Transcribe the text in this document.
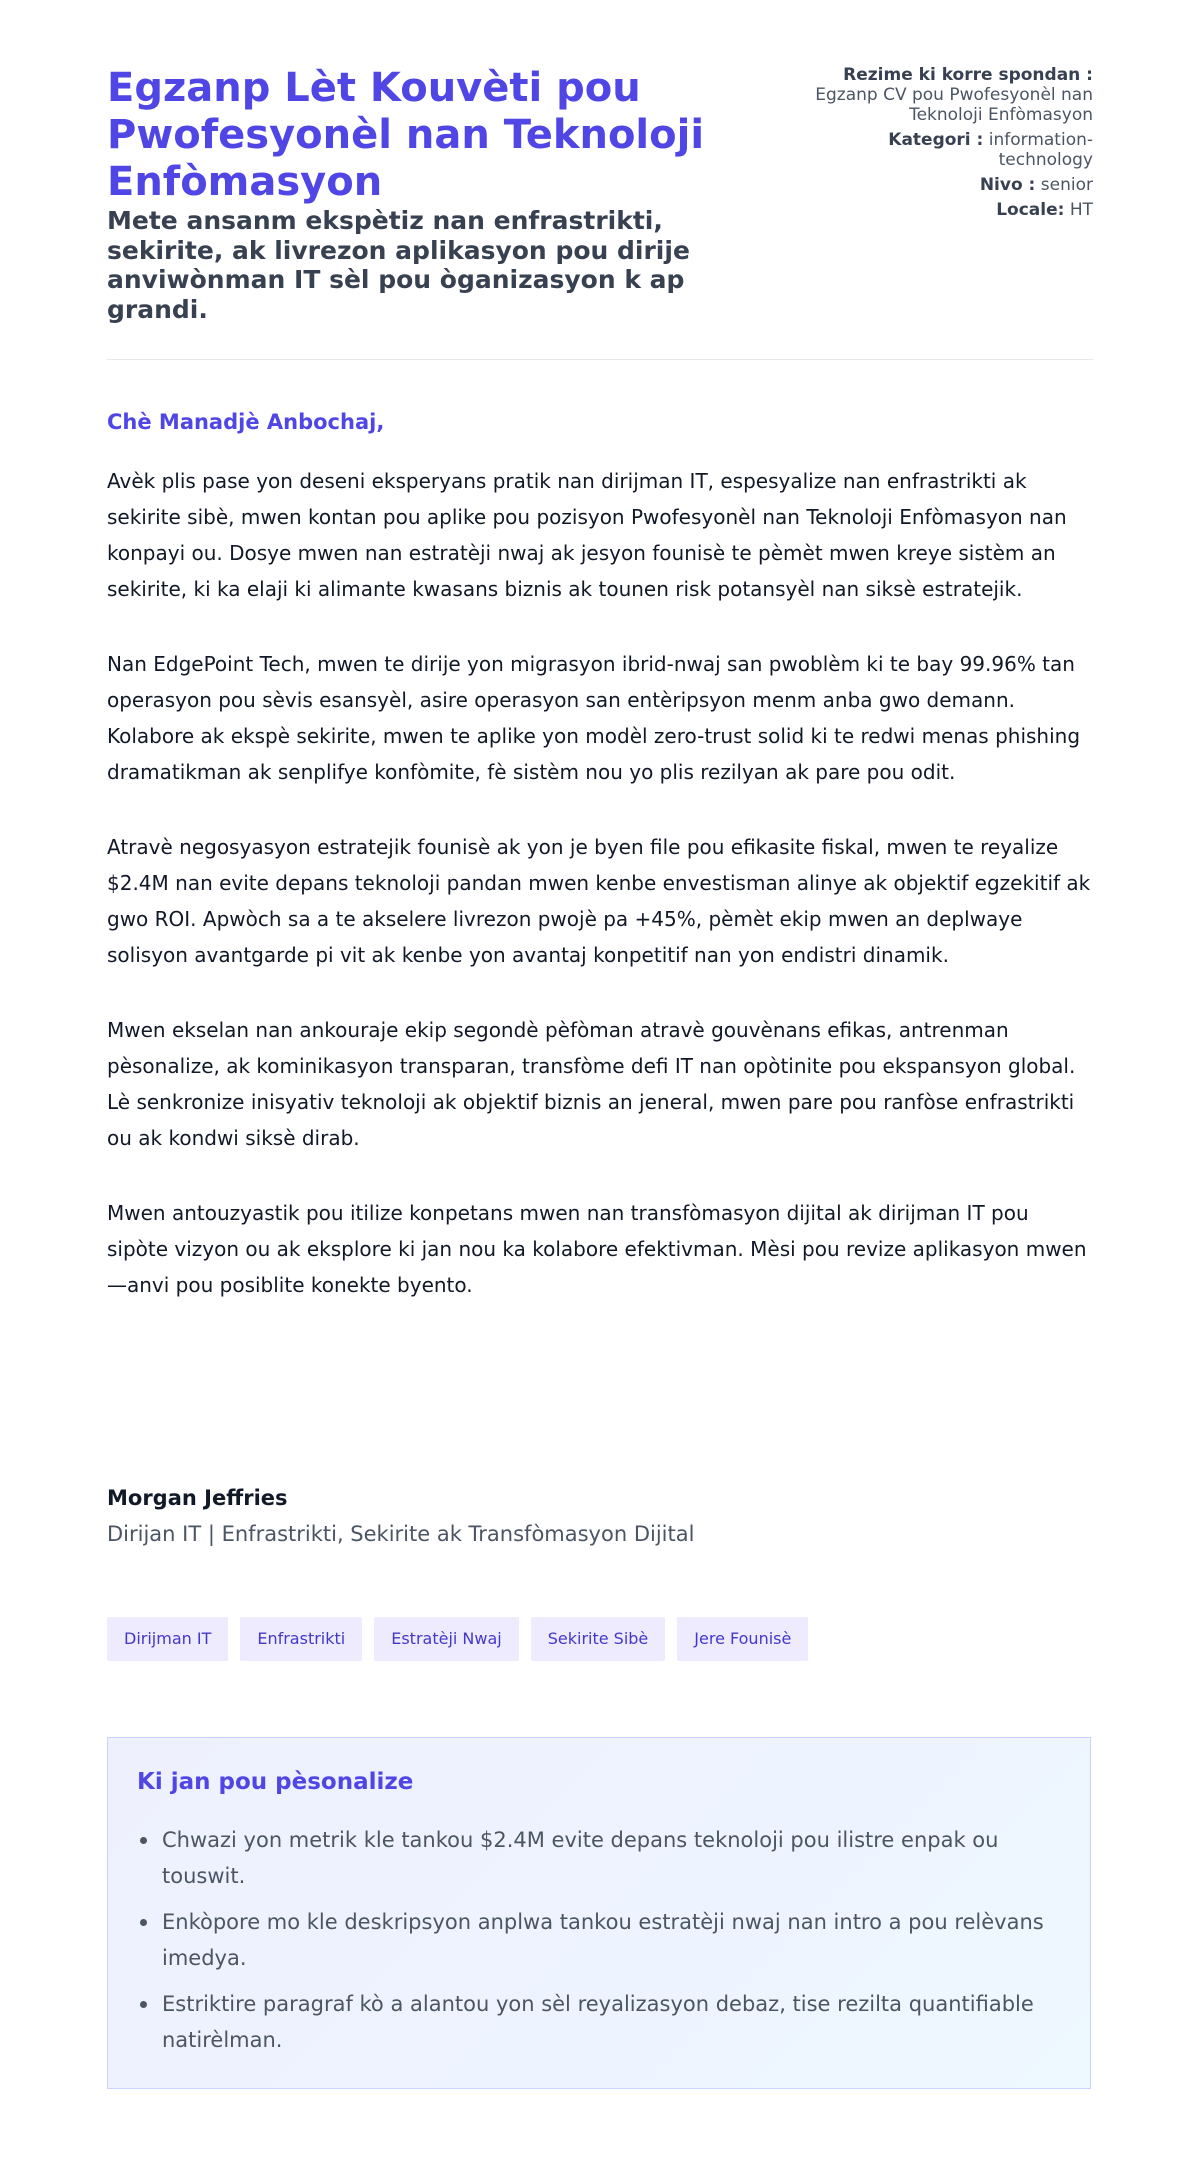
Egzanp Lèt Kouvèti pou Pwofesyonèl nan Teknoloji Enfòmasyon
Mete ansanm ekspètiz nan enfrastrikti, sekirite, ak livrezon aplikasyon pou dirije anviwònman IT sèl pou òganizasyon k ap grandi.

Rezime ki korre spondan :
Egzanp CV pou Pwofesyonèl nan Teknoloji Enfòmasyon

Kategori : information-technology

Nivo : senior

Locale: HT

Chè Manadjè Anbochaj,

Avèk plis pase yon deseni eksperyans pratik nan dirijman IT, espesyalize nan enfrastrikti ak sekirite sibè, mwen kontan pou aplike pou pozisyon Pwofesyonèl nan Teknoloji Enfòmasyon nan konpayi ou. Dosye mwen nan estratèji nwaj ak jesyon founisè te pèmèt mwen kreye sistèm an sekirite, ki ka elaji ki alimante kwasans biznis ak tounen risk potansyèl nan siksè estratejik.

Nan EdgePoint Tech, mwen te dirije yon migrasyon ibrid-nwaj san pwoblèm ki te bay 99.96% tan operasyon pou sèvis esansyèl, asire operasyon san entèripsyon menm anba gwo demann. Kolabore ak ekspè sekirite, mwen te aplike yon modèl zero-trust solid ki te redwi menas phishing dramatikman ak senplifye konfòmite, fè sistèm nou yo plis rezilyan ak pare pou odit.

Atravè negosyasyon estratejik founisè ak yon je byen file pou efikasite fiskal, mwen te reyalize $2.4M nan evite depans teknoloji pandan mwen kenbe envestisman alinye ak objektif egzekitif ak gwo ROI. Apwòch sa a te akselere livrezon pwojè pa +45%, pèmèt ekip mwen an deplwaye solisyon avantgarde pi vit ak kenbe yon avantaj konpetitif nan yon endistri dinamik.

Mwen ekselan nan ankouraje ekip segondè pèfòman atravè gouvènans efikas, antrenman pèsonalize, ak kominikasyon transparan, transfòme defi IT nan opòtinite pou ekspansyon global. Lè senkronize inisyativ teknoloji ak objektif biznis an jeneral, mwen pare pou ranfòse enfrastrikti ou ak kondwi siksè dirab.

Mwen antouzyastik pou itilize konpetans mwen nan transfòmasyon dijital ak dirijman IT pou sipòte vizyon ou ak eksplore ki jan nou ka kolabore efektivman. Mèsi pou revize aplikasyon mwen—anvi pou posiblite konekte byento.

Morgan Jeffries

Dirijan IT | Enfrastrikti, Sekirite ak Transfòmasyon Dijital

Dirijman IT	Enfrastrikti	Estratèji Nwaj	Sekirite Sibè	Jere Founisè
Ki jan pou pèsonalize
Chwazi yon metrik kle tankou $2.4M evite depans teknoloji pou ilistre enpak ou touswit.
Enkòpore mo kle deskripsyon anplwa tankou estratèji nwaj nan intro a pou relèvans imedya.
Estriktire paragraf kò a alantou yon sèl reyalizasyon debaz, tise rezilta quantifiable natirèlman.
